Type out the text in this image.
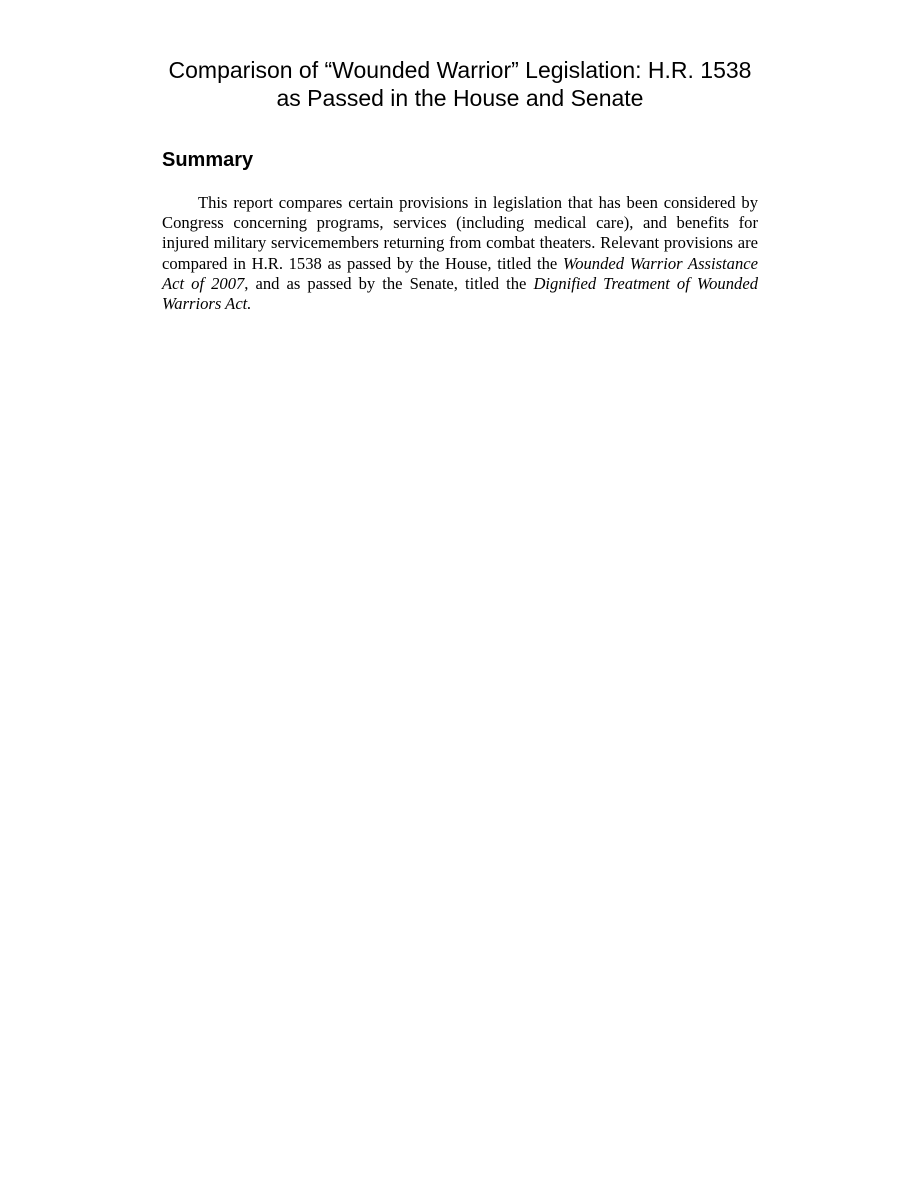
Comparison of “Wounded Warrior” Legislation: H.R. 1538 as Passed in the House and Senate
Summary

This report compares certain provisions in legislation that has been considered by Congress concerning programs, services (including medical care), and benefits for injured military servicemembers returning from combat theaters. Relevant provisions are compared in H.R. 1538 as passed by the House, titled the Wounded Warrior Assistance Act of 2007, and as passed by the Senate, titled the Dignified Treatment of Wounded Warriors Act.
